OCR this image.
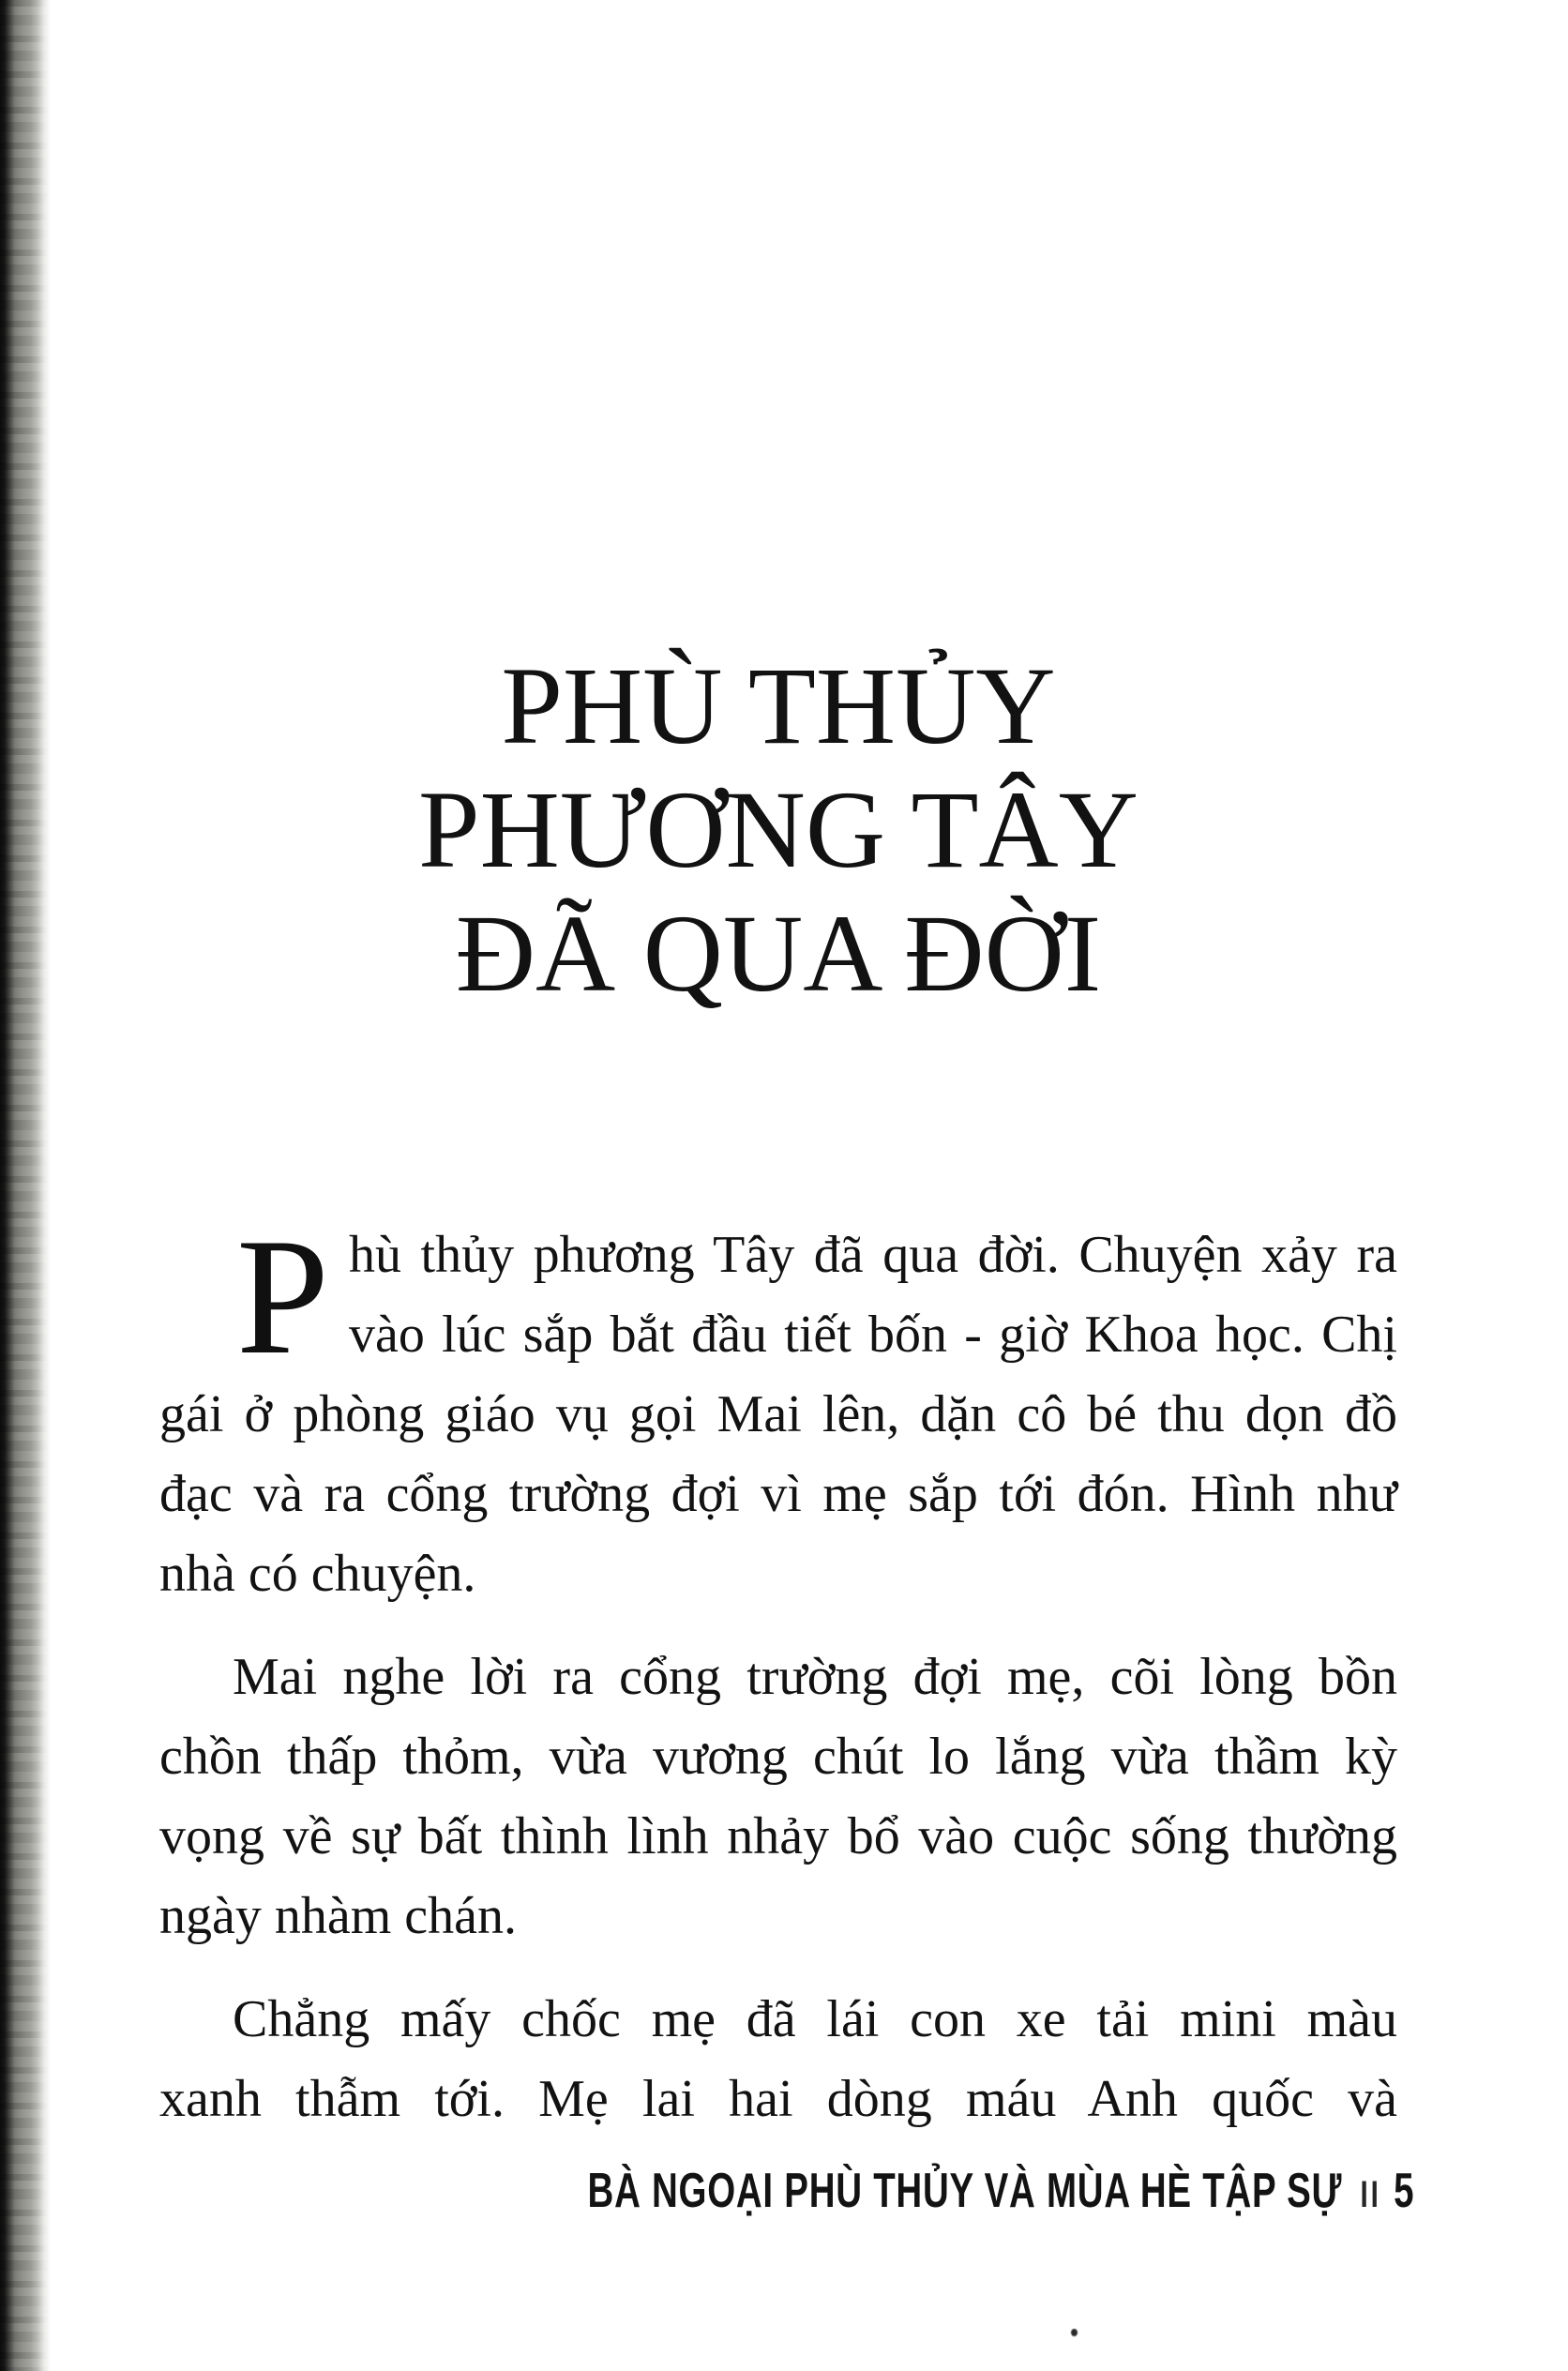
PHÙ THỦY
PHƯƠNG TÂY
ĐÃ QUA ĐỜI
P hù thủy phương Tây đã qua đời. Chuyện xảy ra
vào lúc sắp bắt đầu tiết bốn - giờ Khoa học. Chị
gái ở phòng giáo vụ gọi Mai lên, dặn cô bé thu dọn đồ
đạc và ra cổng trường đợi vì mẹ sắp tới đón. Hình như
nhà có chuyện.
Mai nghe lời ra cổng trường đợi mẹ, cõi lòng bồn
chồn thấp thỏm, vừa vương chút lo lắng vừa thầm kỳ
vọng về sự bất thình lình nhảy bổ vào cuộc sống thường
ngày nhàm chán.
Chẳng mấy chốc mẹ đã lái con xe tải mini màu
xanh thẫm tới. Mẹ lai hai dòng máu Anh quốc và
BÀ NGOẠI PHÙ THỦY VÀ MÙA HÈ TẬP SỰ II 5
